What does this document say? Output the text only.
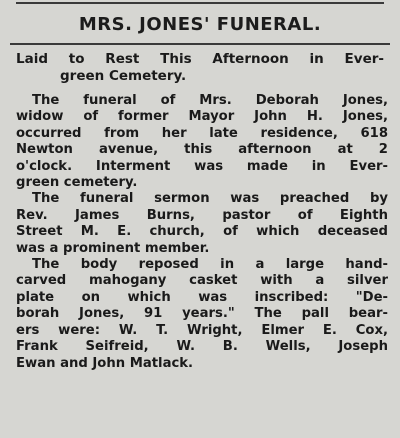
MRS. JONES' FUNERAL.
Laid to Rest This Afternoon in Ever-
green Cemetery.
The funeral of Mrs. Deborah Jones,
widow of former Mayor John H. Jones,
occurred from her late residence, 618
Newton avenue, this afternoon at 2
o'clock. Interment was made in Ever-
green cemetery.
The funeral sermon was preached by
Rev. James Burns, pastor of Eighth
Street M. E. church, of which deceased
was a prominent member.
The body reposed in a large hand-
carved mahogany casket with a silver
plate on which was inscribed: "De-
borah Jones, 91 years." The pall bear-
ers were: W. T. Wright, Elmer E. Cox,
Frank Seifreid, W. B. Wells, Joseph
Ewan and John Matlack.
